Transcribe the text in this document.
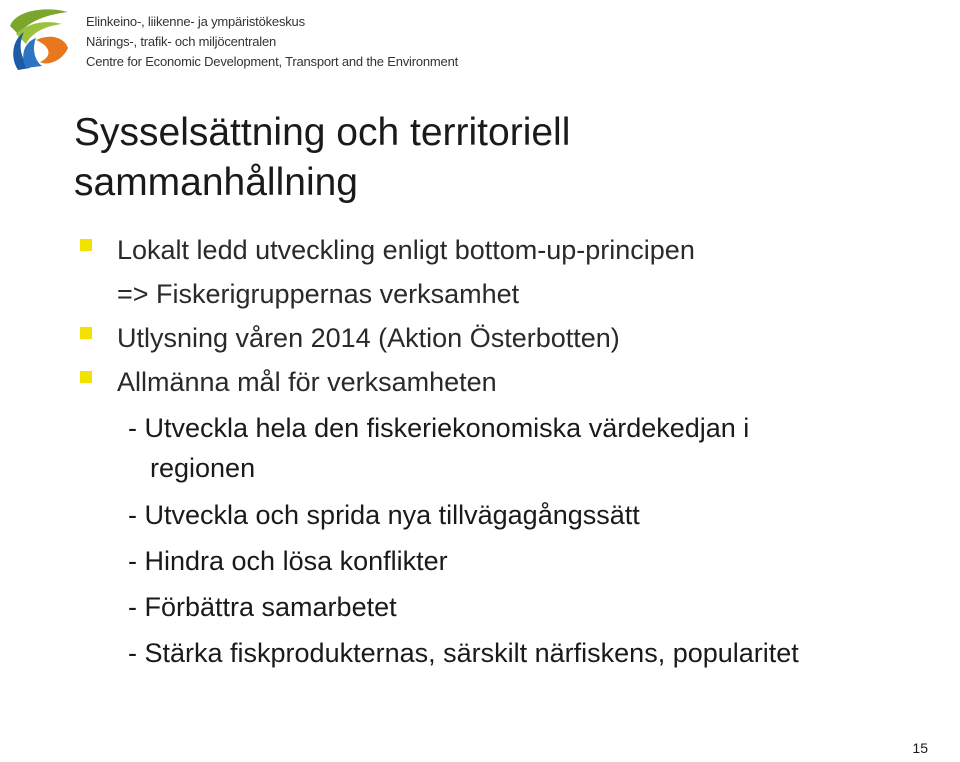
Elinkeino-, liikenne- ja ympäristökeskus
Närings-, trafik- och miljöcentralen
Centre for Economic Development, Transport and the Environment
Sysselsättning och territoriell
sammanhållning
Lokalt ledd utveckling enligt bottom-up-principen
=> Fiskerigruppernas verksamhet
Utlysning våren 2014 (Aktion Österbotten)
Allmänna mål för verksamheten
- Utveckla hela den fiskeriekonomiska värdekedjan i
regionen
- Utveckla och sprida nya tillvägagångssätt
- Hindra och lösa konflikter
- Förbättra samarbetet
- Stärka fiskprodukternas, särskilt närfiskens, popularitet
15
